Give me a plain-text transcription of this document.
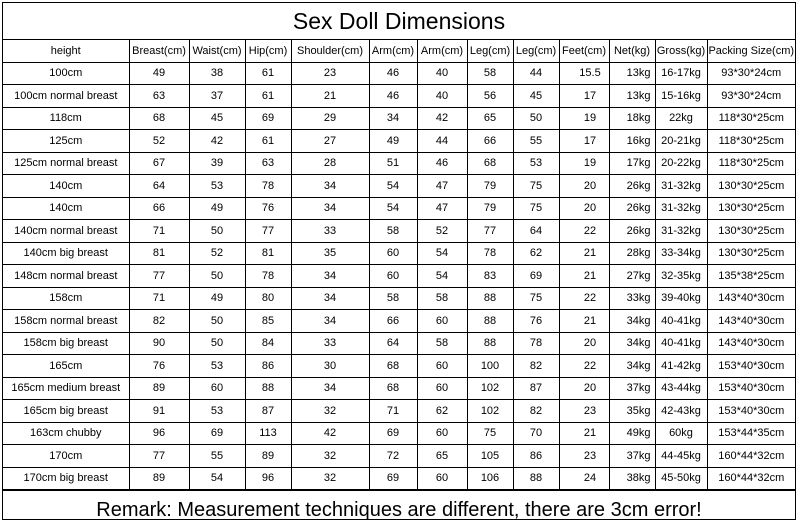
Sex Doll Dimensions
height	Breast(cm)	Waist(cm)	Hip(cm)	Shoulder(cm)	Arm(cm)	Arm(cm)	Leg(cm)	Leg(cm)	Feet(cm)	Net(kg)	Gross(kg)	Packing Size(cm)
100cm	49	38	61	23	46	40	58	44	15.5	13kg	16-17kg	93*30*24cm
100cm normal breast	63	37	61	21	46	40	56	45	17	13kg	15-16kg	93*30*24cm
118cm	68	45	69	29	34	42	65	50	19	18kg	22kg	118*30*25cm
125cm	52	42	61	27	49	44	66	55	17	16kg	20-21kg	118*30*25cm
125cm normal breast	67	39	63	28	51	46	68	53	19	17kg	20-22kg	118*30*25cm
140cm	64	53	78	34	54	47	79	75	20	26kg	31-32kg	130*30*25cm
140cm	66	49	76	34	54	47	79	75	20	26kg	31-32kg	130*30*25cm
140cm normal breast	71	50	77	33	58	52	77	64	22	26kg	31-32kg	130*30*25cm
140cm big breast	81	52	81	35	60	54	78	62	21	28kg	33-34kg	130*30*25cm
148cm normal breast	77	50	78	34	60	54	83	69	21	27kg	32-35kg	135*38*25cm
158cm	71	49	80	34	58	58	88	75	22	33kg	39-40kg	143*40*30cm
158cm normal breast	82	50	85	34	66	60	88	76	21	34kg	40-41kg	143*40*30cm
158cm big breast	90	50	84	33	64	58	88	78	20	34kg	40-41kg	143*40*30cm
165cm	76	53	86	30	68	60	100	82	22	34kg	41-42kg	153*40*30cm
165cm medium breast	89	60	88	34	68	60	102	87	20	37kg	43-44kg	153*40*30cm
165cm big breast	91	53	87	32	71	62	102	82	23	35kg	42-43kg	153*40*30cm
163cm chubby	96	69	113	42	69	60	75	70	21	49kg	60kg	153*44*35cm
170cm	77	55	89	32	72	65	105	86	23	37kg	44-45kg	160*44*32cm
170cm big breast	89	54	96	32	69	60	106	88	24	38kg	45-50kg	160*44*32cm
Remark: Measurement techniques are different, there are 3cm error!
